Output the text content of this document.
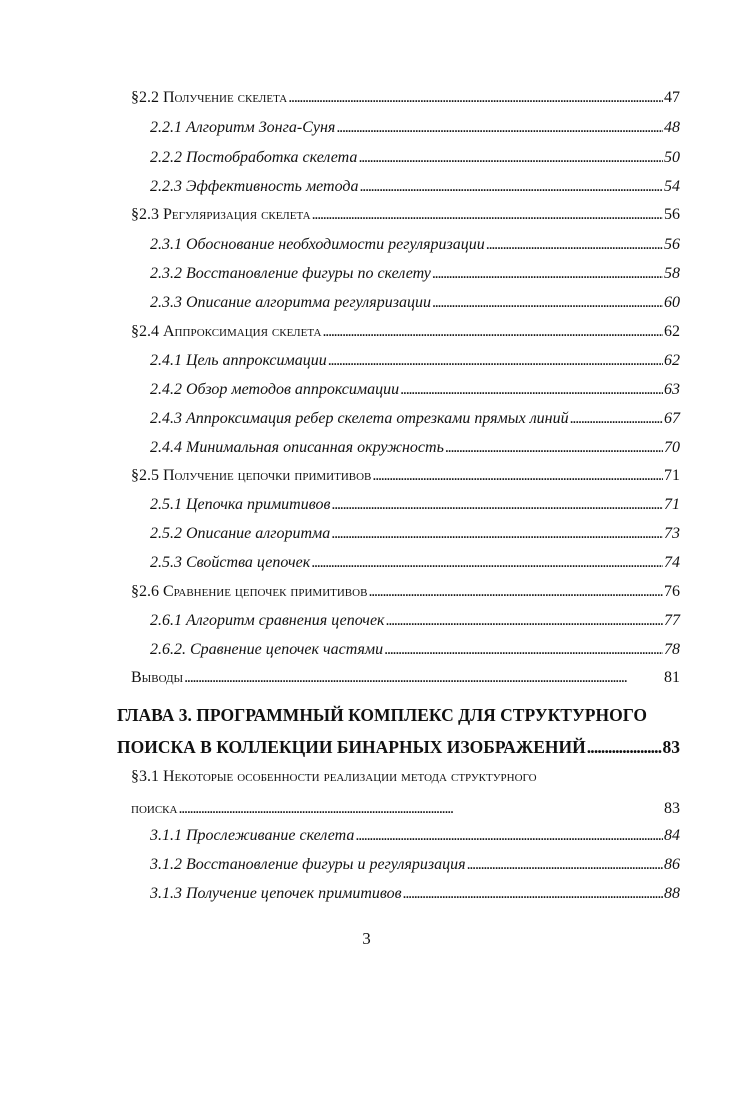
§2.2 Получение скелета . . .	47
2.2.1 Алгоритм Зонга-Суня . . .	48
2.2.2 Постобработка скелета . . .	50
2.2.3 Эффективность метода . . .	54
§2.3 Регуляризация скелета . . .	56
2.3.1 Обоснование необходимости регуляризации . . .	56
2.3.2 Восстановление фигуры по скелету . . .	58
2.3.3 Описание алгоритма регуляризации . . .	60
§2.4 Аппроксимация скелета . . .	62
2.4.1 Цель аппроксимации . . .	62
2.4.2 Обзор методов аппроксимации . . .	63
2.4.3 Аппроксимация ребер скелета отрезками прямых линий . . .	67
2.4.4 Минимальная описанная окружность . . .	70
§2.5 Получение цепочки примитивов . . .	71
2.5.1 Цепочка примитивов . . .	71
2.5.2 Описание алгоритма . . .	73
2.5.3 Свойства цепочек . . .	74
§2.6 Сравнение цепочек примитивов . . .	76
2.6.1 Алгоритм сравнения цепочек . . .	77
2.6.2. Сравнение цепочек частями . . .	78
Выводы . . .	81
ГЛАВА 3. ПРОГРАММНЫЙ КОМПЛЕКС ДЛЯ СТРУКТУРНОГО
ПОИСКА В КОЛЛЕКЦИИ БИНАРНЫХ ИЗОБРАЖЕНИЙ . . .	83
§3.1 Некоторые особенности реализации метода структурного
поиска . . .	83
3.1.1 Прослеживание скелета . . .	84
3.1.2 Восстановление фигуры и регуляризация . . .	86
3.1.3 Получение цепочек примитивов . . .	88
3
